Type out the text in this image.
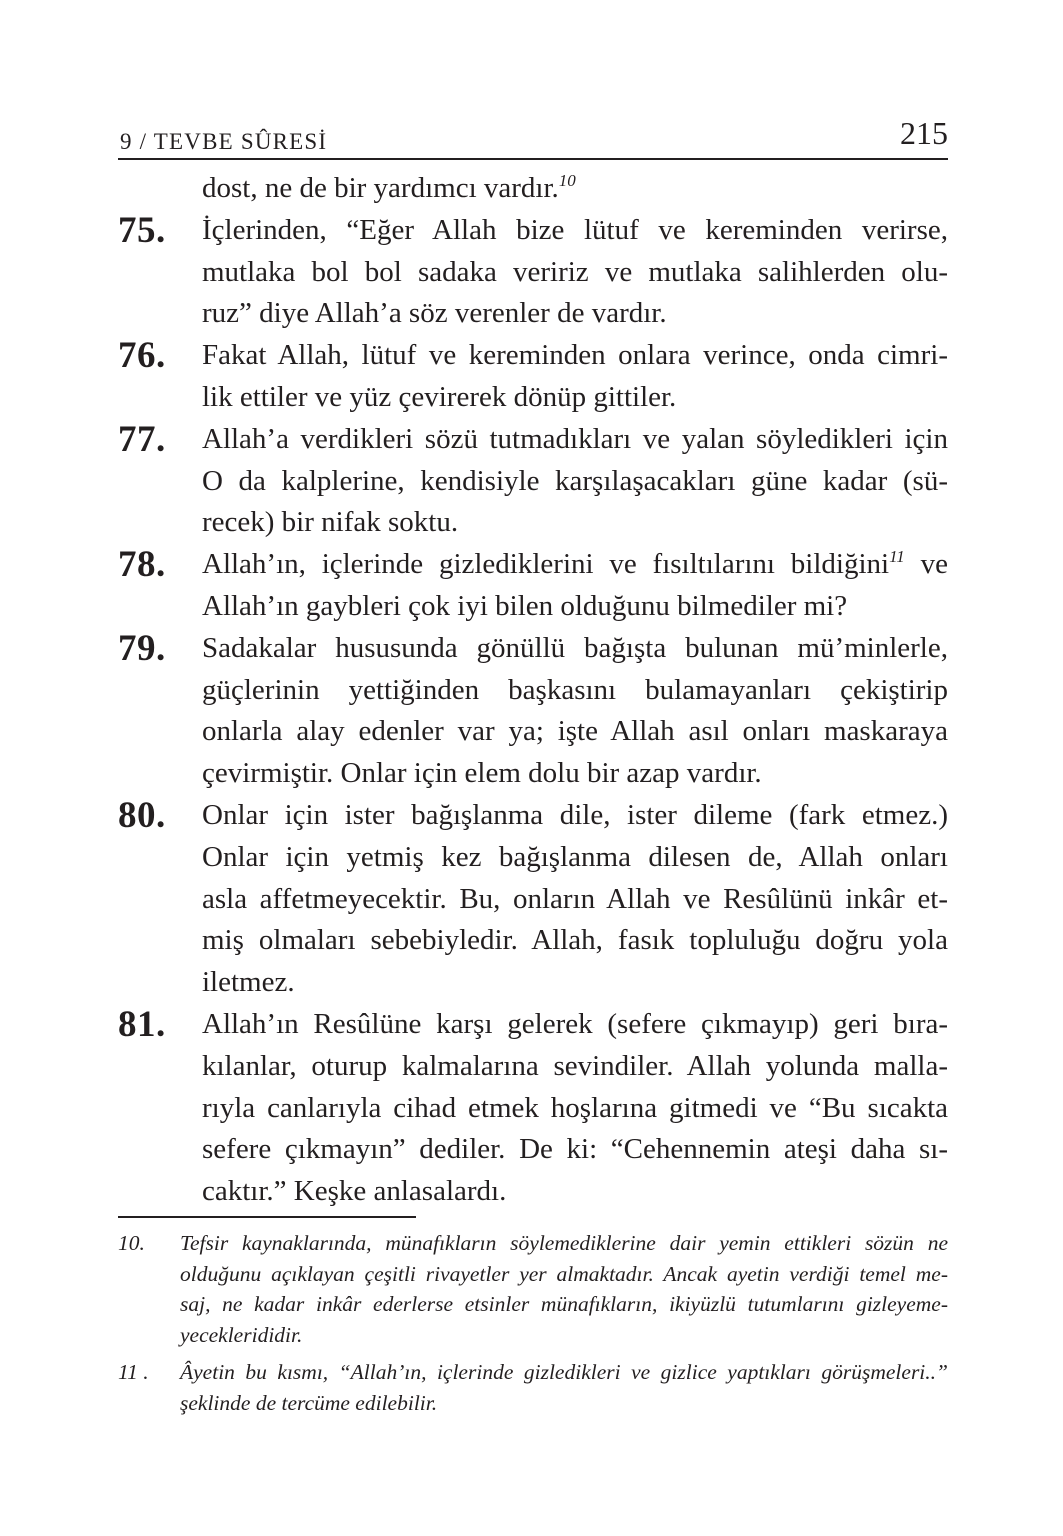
9 / TEVBE SÛRESİ	215
dost, ne de bir yardımcı vardır.$^{10}$
75.	İçlerinden, “Eğer Allah bize lütuf ve kereminden verirse,
mutlaka bol bol sadaka veririz ve mutlaka salihlerden olu-
ruz” diye Allah’a söz verenler de vardır.
76.	Fakat Allah, lütuf ve kereminden onlara verince, onda cimri-
lik ettiler ve yüz çevirerek dönüp gittiler.
77.	Allah’a verdikleri sözü tutmadıkları ve yalan söyledikleri için
O da kalplerine, kendisiyle karşılaşacakları güne kadar (sü-
recek) bir nifak soktu.
78.	Allah’ın, içlerinde gizlediklerini ve fısıltılarını bildiğini$^{11}$ ve
Allah’ın gaybleri çok iyi bilen olduğunu bilmediler mi?
79.	Sadakalar hususunda gönüllü bağışta bulunan mü’minlerle,
güçlerinin yettiğinden başkasını bulamayanları çekiştirip
onlarla alay edenler var ya; işte Allah asıl onları maskaraya
çevirmiştir. Onlar için elem dolu bir azap vardır.
80.	Onlar için ister bağışlanma dile, ister dileme (fark etmez.)
Onlar için yetmiş kez bağışlanma dilesen de, Allah onları
asla affetmeyecektir. Bu, onların Allah ve Resûlünü inkâr et-
miş olmaları sebebiyledir. Allah, fasık topluluğu doğru yola
iletmez.
81.	Allah’ın Resûlüne karşı gelerek (sefere çıkmayıp) geri bıra-
kılanlar, oturup kalmalarına sevindiler. Allah yolunda malla-
rıyla canlarıyla cihad etmek hoşlarına gitmedi ve “Bu sıcakta
sefere çıkmayın” dediler. De ki: “Cehennemin ateşi daha sı-
caktır.” Keşke anlasalardı.
10.	Tefsir kaynaklarında, münafıkların söylemediklerine dair yemin ettikleri sözün ne
olduğunu açıklayan çeşitli rivayetler yer almaktadır. Ancak ayetin verdiği temel me-
saj, ne kadar inkâr ederlerse etsinler münafıkların, ikiyüzlü tutumlarını gizleyeme-
yeceklerididir.
11 .	Âyetin bu kısmı, “Allah’ın, içlerinde gizledikleri ve gizlice yaptıkları görüşmeleri..”
şeklinde de tercüme edilebilir.
